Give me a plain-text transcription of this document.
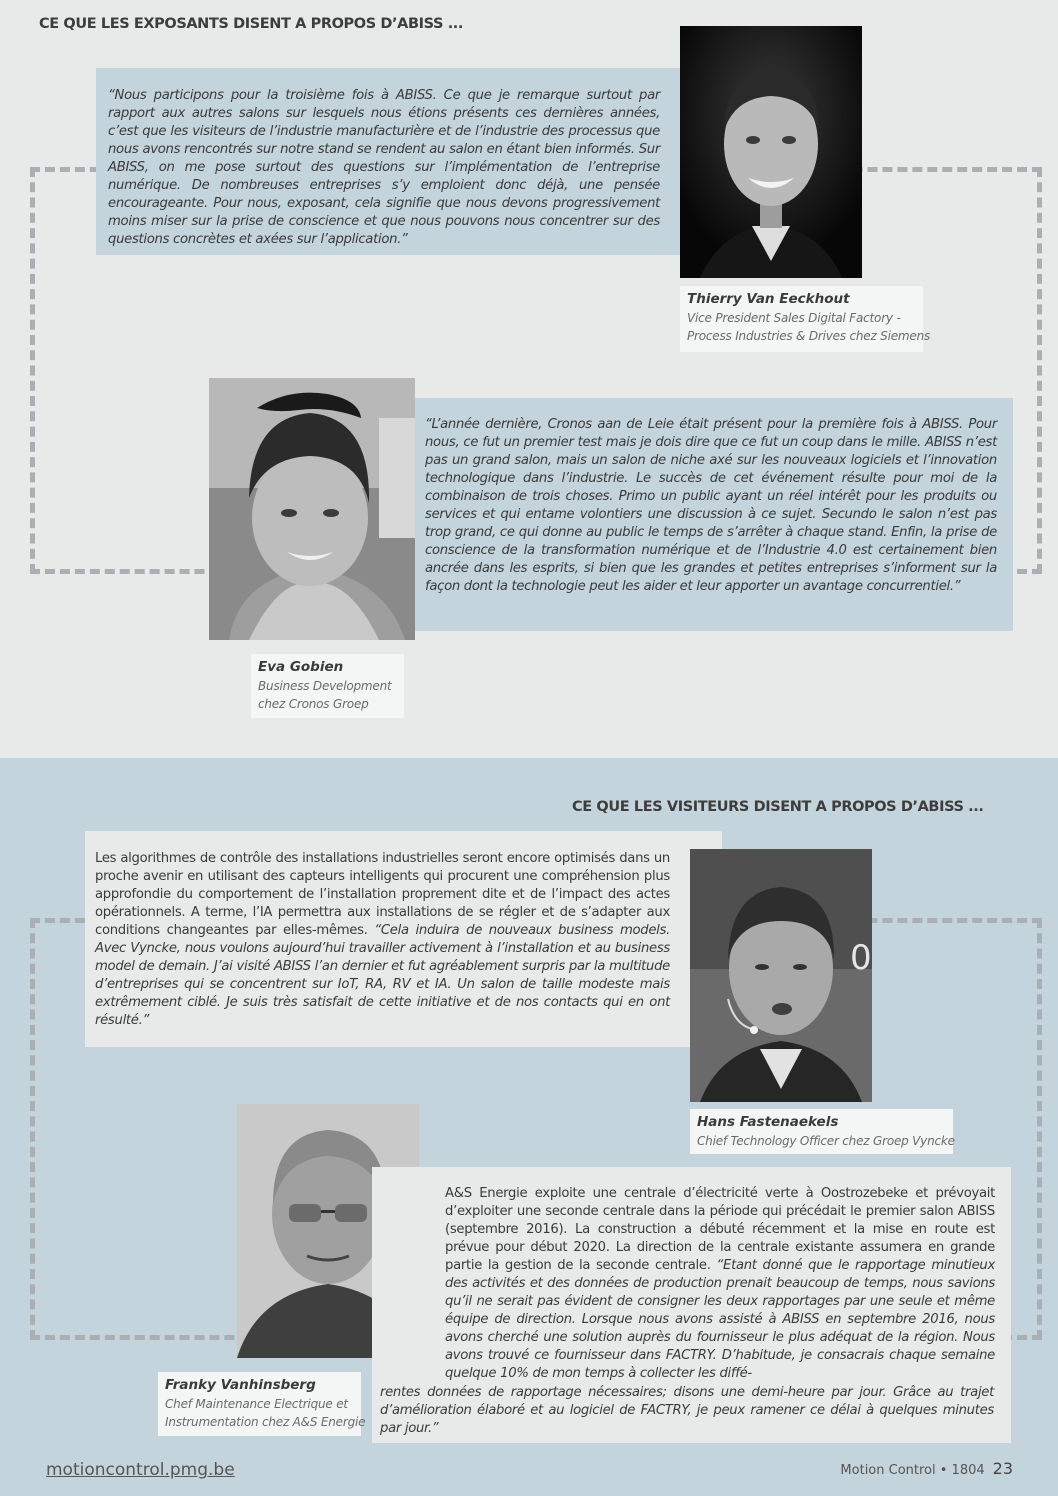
CE QUE LES EXPOSANTS DISENT A PROPOS D’ABISS ...

“Nous participons pour la troisième fois à ABISS. Ce que je remarque surtout par rapport aux autres salons sur lesquels nous étions présents ces dernières années, c’est que les visiteurs de l’industrie manufacturière et de l’industrie des processus que nous avons rencontrés sur notre stand se rendent au salon en étant bien informés. Sur ABISS, on me pose surtout des questions sur l’implémentation de l’entreprise numérique. De nombreuses entreprises s’y emploient donc déjà, une pensée encourageante. Pour nous, exposant, cela signifie que nous devons progressivement moins miser sur la prise de conscience et que nous pouvons nous concentrer sur des questions concrètes et axées sur l’application.”

Thierry Van Eeckhout
Vice President Sales Digital Factory -
Process Industries & Drives chez Siemens

“L’année dernière, Cronos aan de Leie était présent pour la première fois à ABISS. Pour nous, ce fut un premier test mais je dois dire que ce fut un coup dans le mille. ABISS n’est pas un grand salon, mais un salon de niche axé sur les nouveaux logiciels et l’innovation technologique dans l’industrie. Le succès de cet événement résulte pour moi de la combinaison de trois choses. Primo un public ayant un réel intérêt pour les produits ou services et qui entame volontiers une discussion à ce sujet. Secundo le salon n’est pas trop grand, ce qui donne au public le temps de s’arrêter à chaque stand. Enfin, la prise de conscience de la transformation numérique et de l’Industrie 4.0 est certainement bien ancrée dans les esprits, si bien que les grandes et petites entreprises s’informent sur la façon dont la technologie peut les aider et leur apporter un avantage concurrentiel.”

Eva Gobien
Business Development
chez Cronos Groep
CE QUE LES VISITEURS DISENT A PROPOS D’ABISS ...

Les algorithmes de contrôle des installations industrielles seront encore optimisés dans un proche avenir en utilisant des capteurs intelligents qui procurent une compréhension plus approfondie du comportement de l’installation proprement dite et de l’impact des actes opérationnels. A terme, l’IA permettra aux installations de se régler et de s’adapter aux conditions changeantes par elles-mêmes. “Cela induira de nouveaux business models. Avec Vyncke, nous voulons aujourd’hui travailler activement à l’installation et au business model de demain. J’ai visité ABISS l’an dernier et fut agréablement surpris par la multitude d’entreprises qui se concentrent sur IoT, RA, RV et IA. Un salon de taille modeste mais extrêmement ciblé. Je suis très satisfait de cette initiative et de nos contacts qui en ont résulté.”

0
Hans Fastenaekels
Chief Technology Officer chez Groep Vyncke

A&S Energie exploite une centrale d’électricité verte à Oostrozebeke et prévoyait d’exploiter une seconde centrale dans la période qui précédait le premier salon ABISS (septembre 2016). La construction a débuté récemment et la mise en route est prévue pour début 2020. La direction de la centrale existante assumera en grande partie la gestion de la seconde centrale. “Etant donné que le rapportage minutieux des activités et des données de production prenait beaucoup de temps, nous savions qu’il ne serait pas évident de consigner les deux rapportages par une seule et même équipe de direction. Lorsque nous avons assisté à ABISS en septembre 2016, nous avons cherché une solution auprès du fournisseur le plus adéquat de la région. Nous avons trouvé ce fournisseur dans FACTRY. D’habitude, je consacrais chaque semaine quelque 10% de mon temps à collecter les diffé-

rentes données de rapportage nécessaires; disons une demi-heure par jour. Grâce au trajet d’amélioration élaboré et au logiciel de FACTRY, je peux ramener ce délai à quelques minutes par jour.”

Franky Vanhinsberg
Chef Maintenance Electrique et
Instrumentation chez A&S Energie
motioncontrol.pmg.be	Motion Control • 1804 23
